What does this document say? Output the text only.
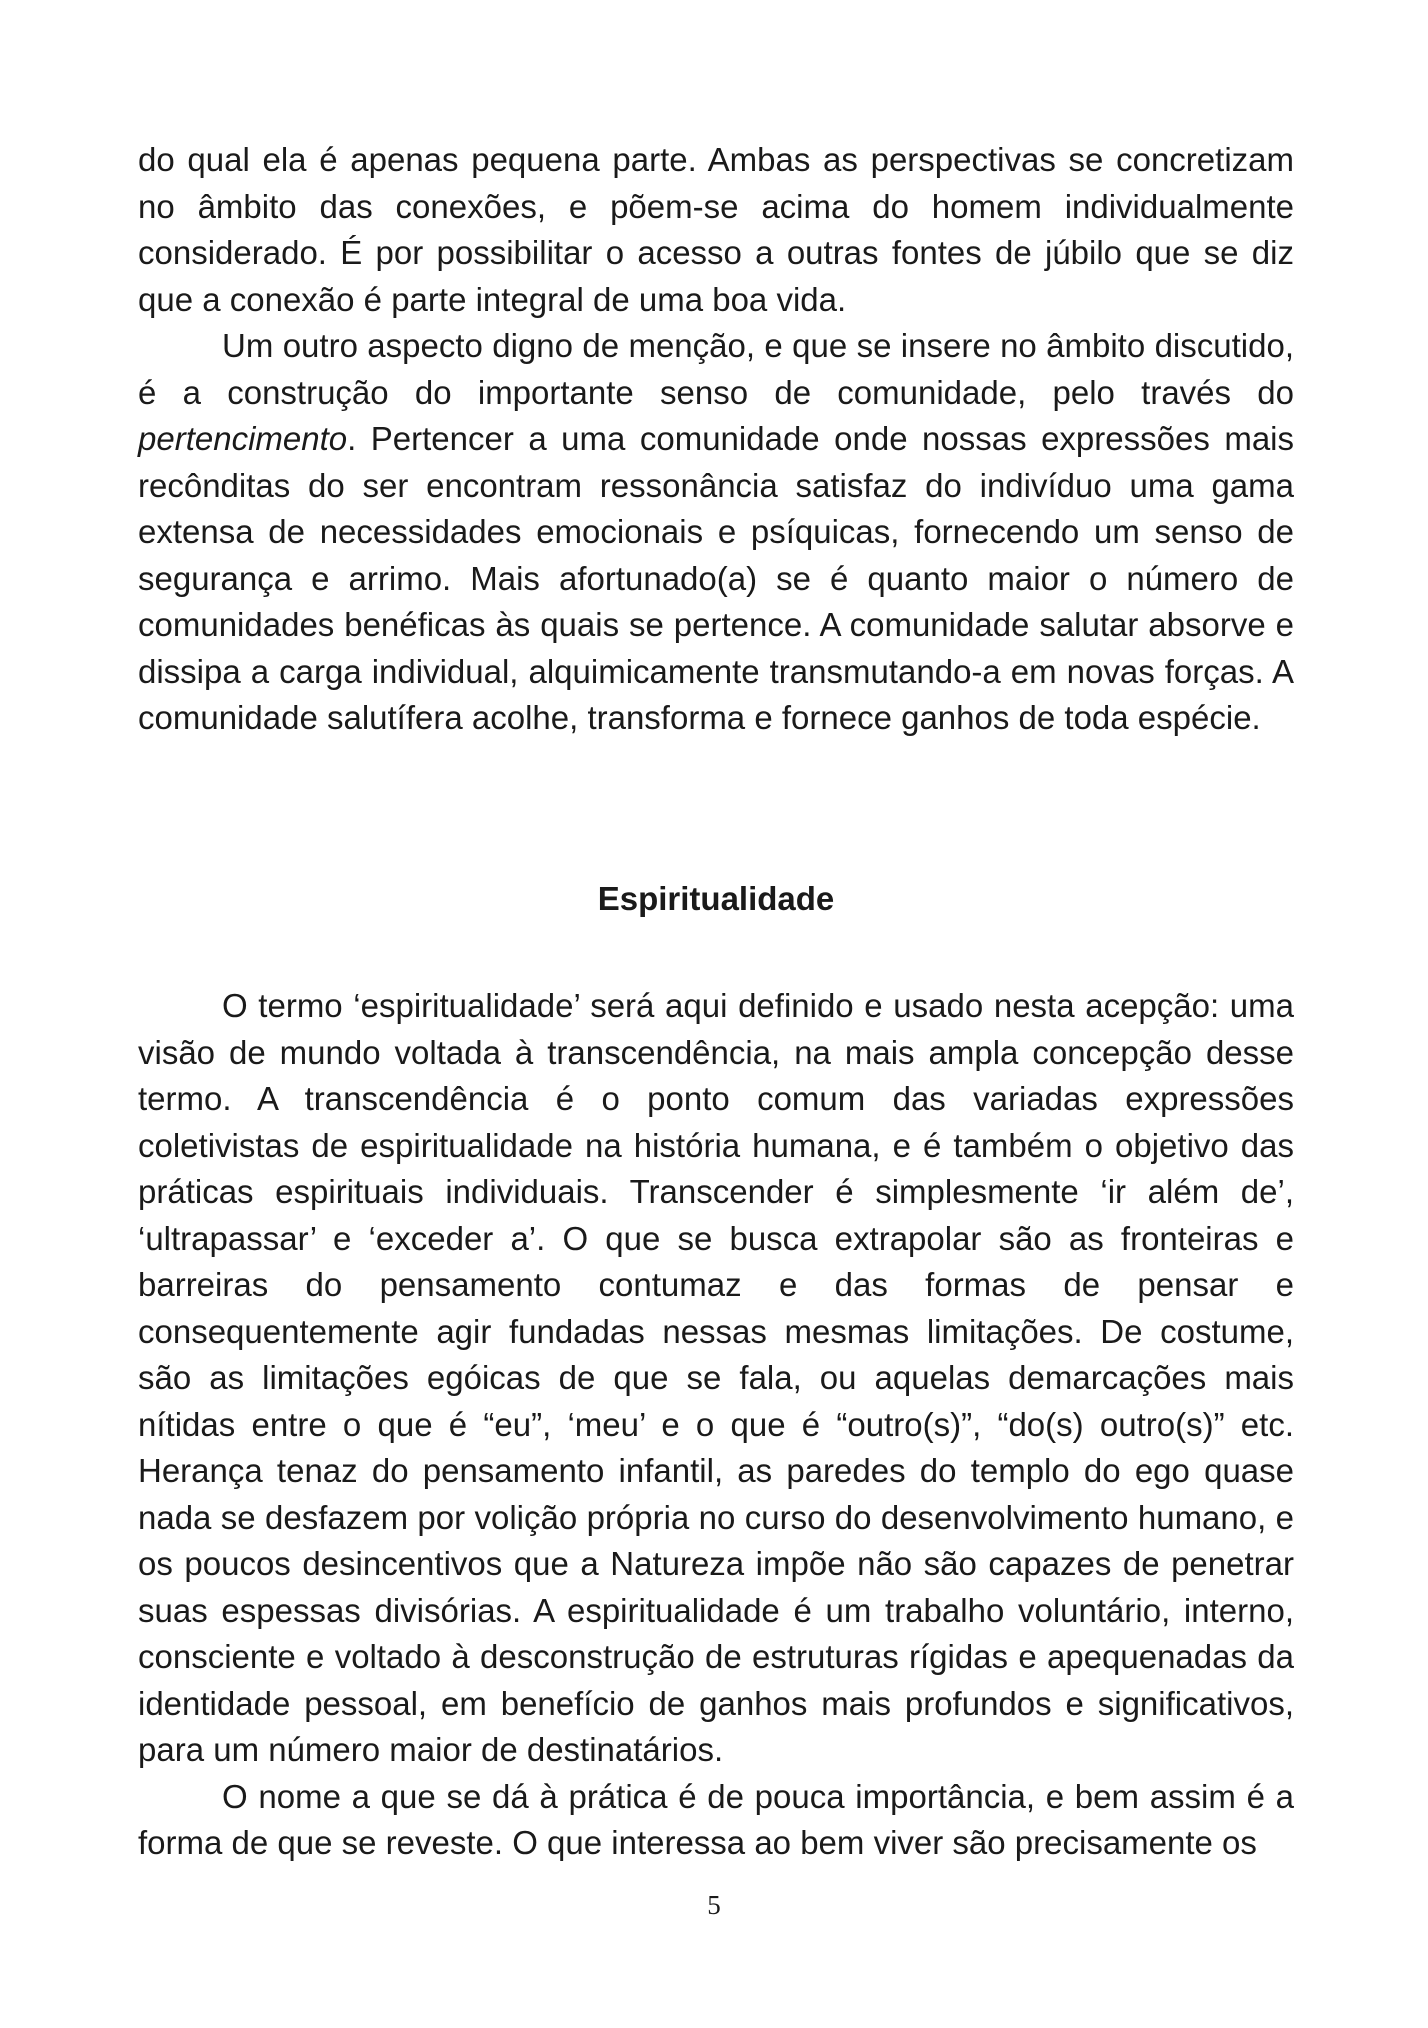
do qual ela é apenas pequena parte. Ambas as perspectivas se concretizam no âmbito das conexões, e põem-se acima do homem individualmente considerado. É por possibilitar o acesso a outras fontes de júbilo que se diz que a conexão é parte integral de uma boa vida.

Um outro aspecto digno de menção, e que se insere no âmbito discutido, é a construção do importante senso de comunidade, pelo través do pertencimento. Pertencer a uma comunidade onde nossas expressões mais recônditas do ser encontram ressonância satisfaz do indivíduo uma gama extensa de necessidades emocionais e psíquicas, fornecendo um senso de segurança e arrimo. Mais afortunado(a) se é quanto maior o número de comunidades benéficas às quais se pertence. A comunidade salutar absorve e dissipa a carga individual, alquimicamente transmutando-a em novas forças. A comunidade salutífera acolhe, transforma e fornece ganhos de toda espécie.

Espiritualidade

O termo ‘espiritualidade’ será aqui definido e usado nesta acepção: uma visão de mundo voltada à transcendência, na mais ampla concepção desse termo. A transcendência é o ponto comum das variadas expressões coletivistas de espiritualidade na história humana, e é também o objetivo das práticas espirituais individuais. Transcender é simplesmente ‘ir além de’, ‘ultrapassar’ e ‘exceder a’. O que se busca extrapolar são as fronteiras e barreiras do pensamento contumaz e das formas de pensar e consequentemente agir fundadas nessas mesmas limitações. De costume, são as limitações egóicas de que se fala, ou aquelas demarcações mais nítidas entre o que é “eu”, ‘meu’ e o que é “outro(s)”, “do(s) outro(s)” etc. Herança tenaz do pensamento infantil, as paredes do templo do ego quase nada se desfazem por volição própria no curso do desenvolvimento humano, e os poucos desincentivos que a Natureza impõe não são capazes de penetrar suas espessas divisórias. A espiritualidade é um trabalho voluntário, interno, consciente e voltado à desconstrução de estruturas rígidas e apequenadas da identidade pessoal, em benefício de ganhos mais profundos e significativos, para um número maior de destinatários.

O nome a que se dá à prática é de pouca importância, e bem assim é a forma de que se reveste. O que interessa ao bem viver são precisamente os

5
